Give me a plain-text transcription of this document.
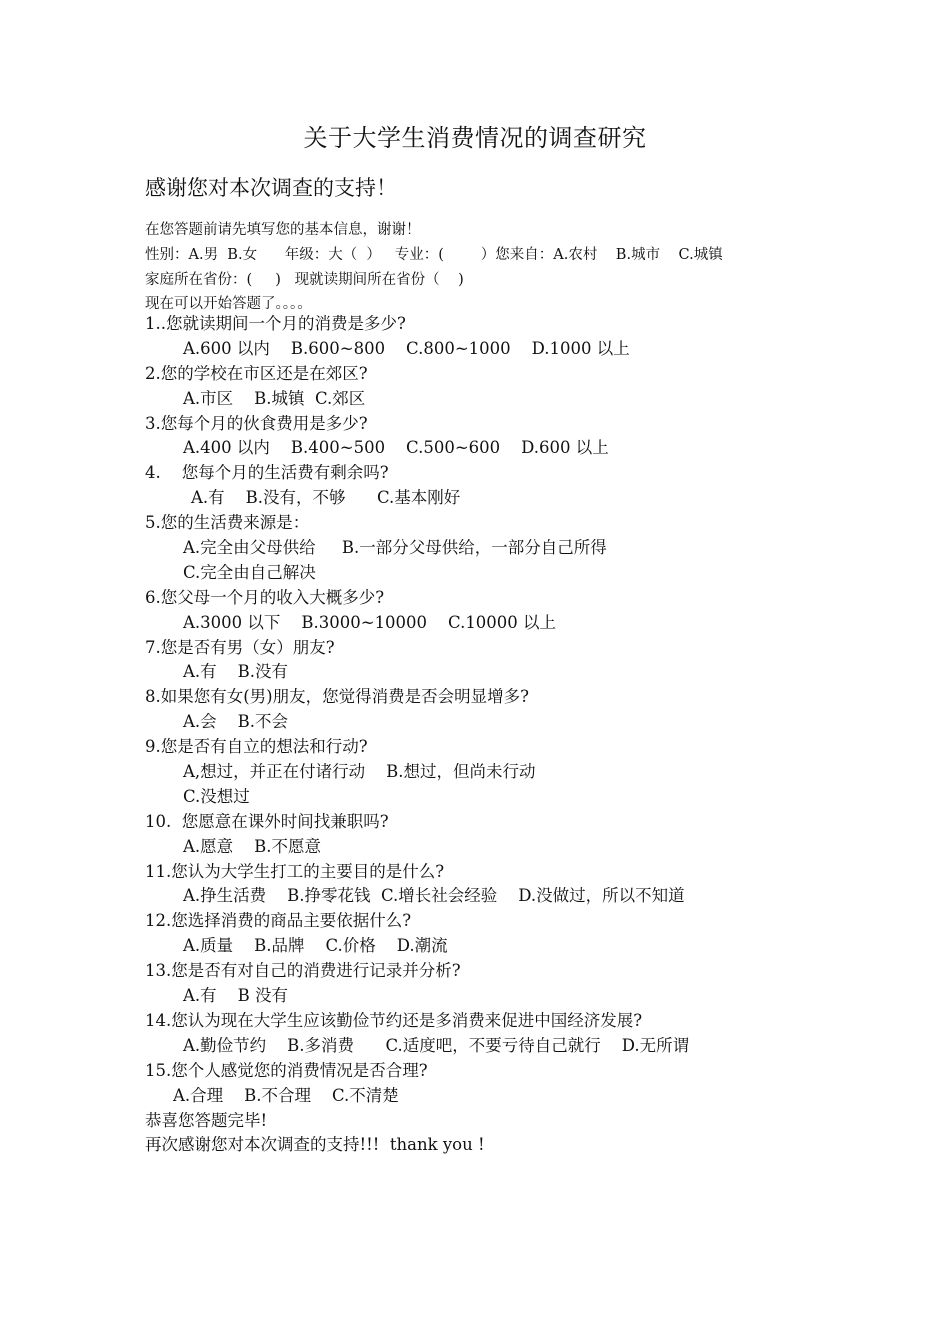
关于大学生消费情况的调查研究
感谢您对本次调查的支持！
在您答题前请先填写您的基本信息，谢谢！
性别：A.男  B.女      年级：大（  ）   专业：(        ）您来自：A.农村    B.城市    C.城镇
家庭所在省份：(     )   现就读期间所在省份（    )
现在可以开始答题了。。。。
1..您就读期间一个月的消费是多少?
A.600 以内    B.600~800    C.800~1000    D.1000 以上
2.您的学校在市区还是在郊区?
A.市区    B.城镇  C.郊区
3.您每个月的伙食费用是多少?
A.400 以内    B.400~500    C.500~600    D.600 以上
4.    您每个月的生活费有剩余吗?
A.有    B.没有，不够      C.基本刚好
5.您的生活费来源是：
A.完全由父母供给     B.一部分父母供给，一部分自己所得
C.完全由自己解决
6.您父母一个月的收入大概多少?
A.3000 以下    B.3000~10000    C.10000 以上
7.您是否有男（女）朋友?
A.有    B.没有
8.如果您有女(男)朋友，您觉得消费是否会明显增多?
A.会    B.不会
9.您是否有自立的想法和行动?
A,想过，并正在付诸行动    B.想过，但尚未行动
C.没想过
10.  您愿意在课外时间找兼职吗?
A.愿意    B.不愿意
11.您认为大学生打工的主要目的是什么?
A.挣生活费    B.挣零花钱  C.增长社会经验    D.没做过，所以不知道
12.您选择消费的商品主要依据什么?
A.质量    B.品牌    C.价格    D.潮流
13.您是否有对自己的消费进行记录并分析?
A.有    B 没有
14.您认为现在大学生应该勤俭节约还是多消费来促进中国经济发展?
A.勤俭节约    B.多消费      C.适度吧，不要亏待自己就行    D.无所谓
15.您个人感觉您的消费情况是否合理?
A.合理    B.不合理    C.不清楚
恭喜您答题完毕!
再次感谢您对本次调查的支持!!!  thank you !
